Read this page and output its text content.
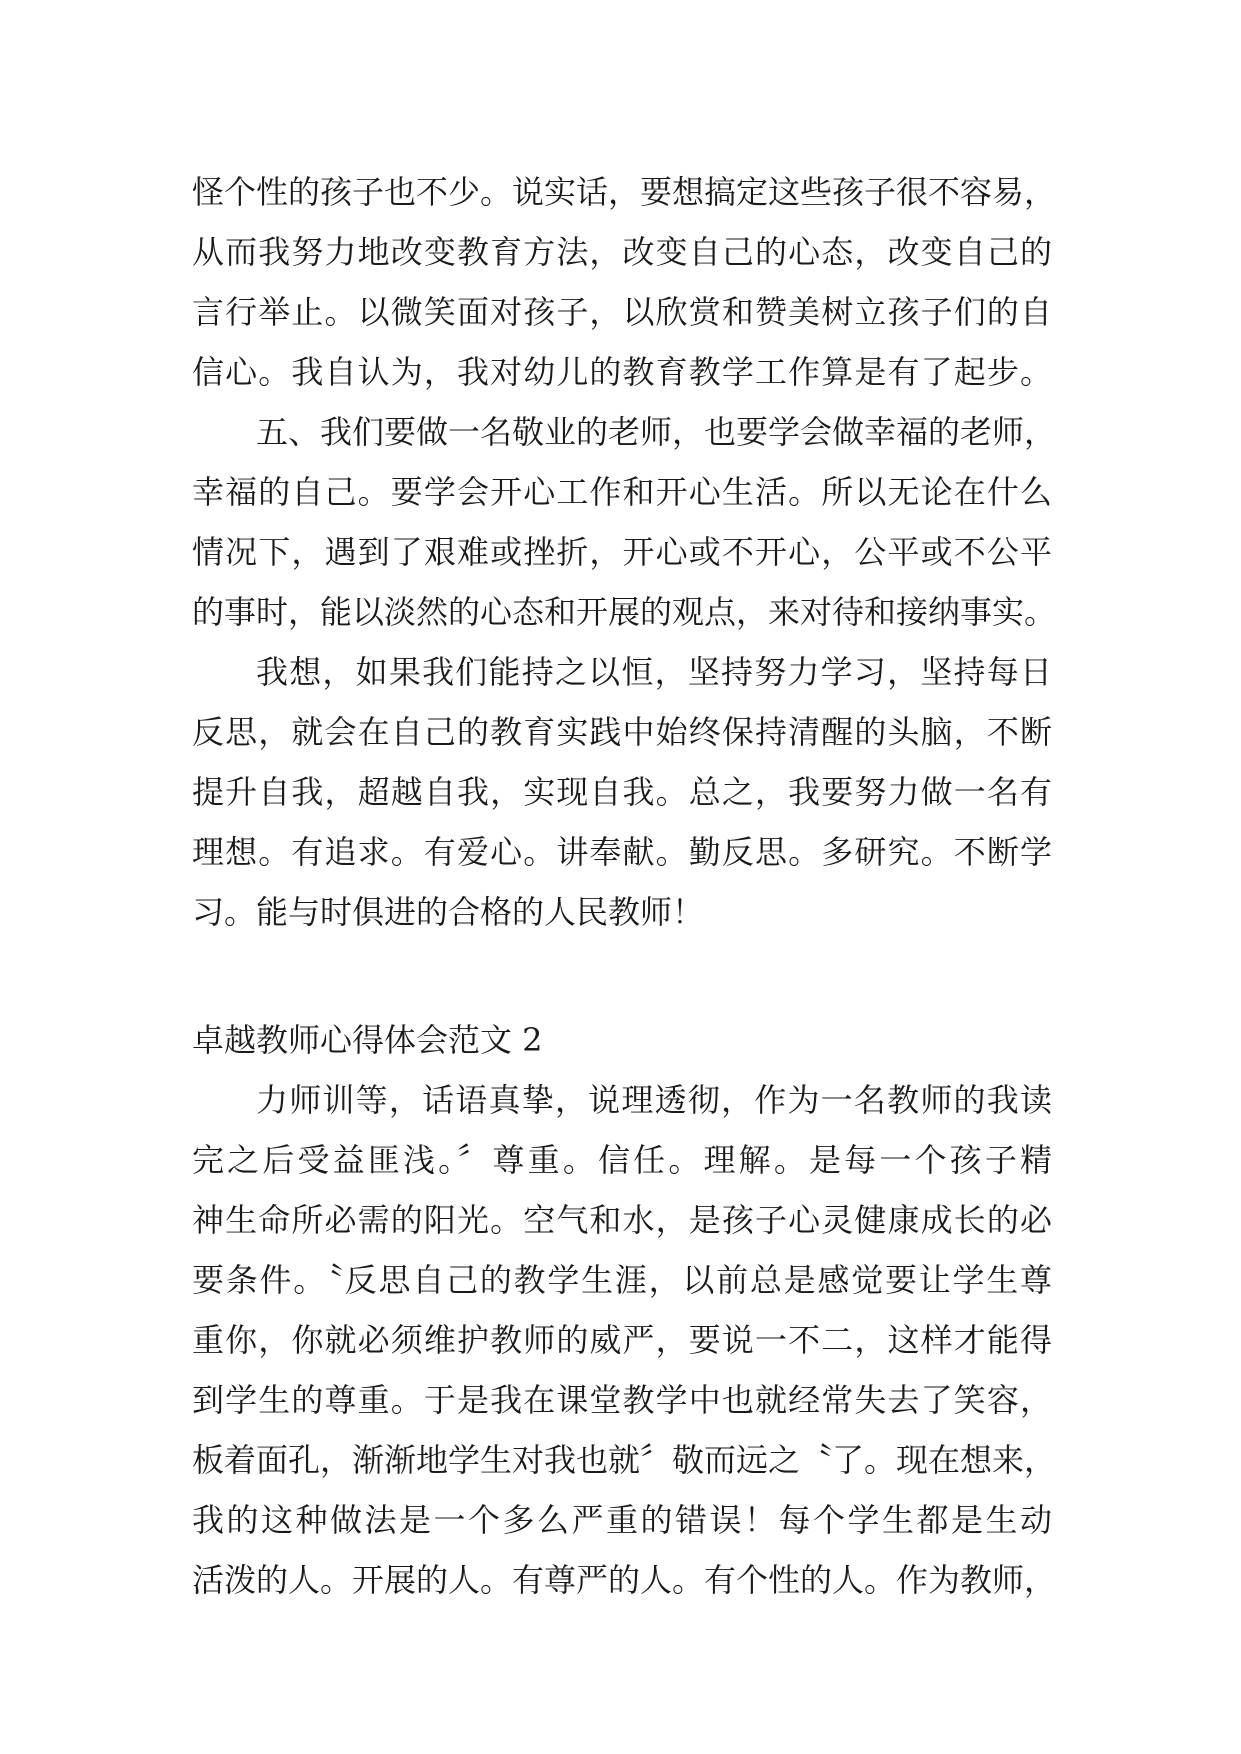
怪个性的孩子也不少。说实话，要想搞定这些孩子很不容易，
从而我努力地改变教育方法，改变自己的心态，改变自己的
言行举止。以微笑面对孩子，以欣赏和赞美树立孩子们的自
信心。我自认为，我对幼儿的教育教学工作算是有了起步。
五、我们要做一名敬业的老师，也要学会做幸福的老师，
幸福的自己。要学会开心工作和开心生活。所以无论在什么
情况下，遇到了艰难或挫折，开心或不开心，公平或不公平
的事时，能以淡然的心态和开展的观点，来对待和接纳事实。
我想，如果我们能持之以恒，坚持努力学习，坚持每日
反思，就会在自己的教育实践中始终保持清醒的头脑，不断
提升自我，超越自我，实现自我。总之，我要努力做一名有
理想。有追求。有爱心。讲奉献。勤反思。多研究。不断学
习。能与时俱进的合格的人民教师！
卓越教师心得体会范文 2
力师训等，话语真挚，说理透彻，作为一名教师的我读
完之后受益匪浅。〞尊重。信任。理解。是每一个孩子精
神生命所必需的阳光。空气和水，是孩子心灵健康成长的必
要条件。〝反思自己的教学生涯，以前总是感觉要让学生尊
重你，你就必须维护教师的威严，要说一不二，这样才能得
到学生的尊重。于是我在课堂教学中也就经常失去了笑容，
板着面孔，渐渐地学生对我也就〞敬而远之〝了。现在想来，
我的这种做法是一个多么严重的错误！每个学生都是生动
活泼的人。开展的人。有尊严的人。有个性的人。作为教师，
